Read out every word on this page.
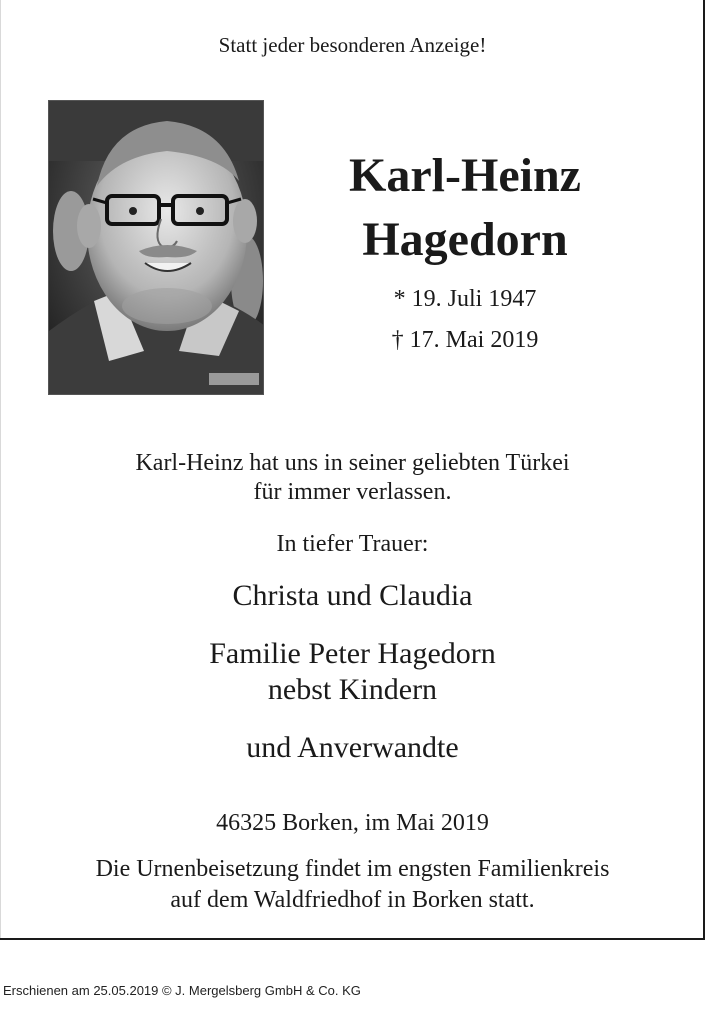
Statt jeder besonderen Anzeige!
Karl-Heinz
Hagedorn
* 19. Juli 1947
† 17. Mai 2019
Karl-Heinz hat uns in seiner geliebten Türkei
für immer verlassen.
In tiefer Trauer:
Christa und Claudia
Familie Peter Hagedorn
nebst Kindern
und Anverwandte
46325 Borken, im Mai 2019
Die Urnenbeisetzung findet im engsten Familienkreis
auf dem Waldfriedhof in Borken statt.
Erschienen am 25.05.2019 © J. Mergelsberg GmbH & Co. KG
